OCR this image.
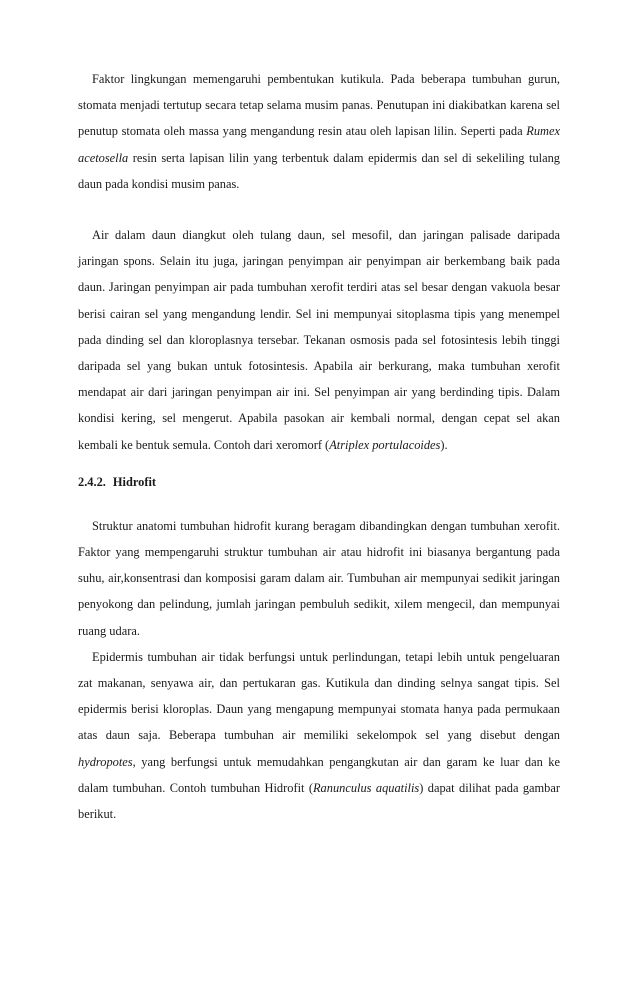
Faktor lingkungan memengaruhi pembentukan kutikula. Pada beberapa tumbuhan gurun, stomata menjadi tertutup secara tetap selama musim panas. Penutupan ini diakibatkan karena sel penutup stomata oleh massa yang mengandung resin atau oleh lapisan lilin. Seperti pada Rumex acetosella resin serta lapisan lilin yang terbentuk dalam epidermis dan sel di sekeliling tulang daun pada kondisi musim panas.

Air dalam daun diangkut oleh tulang daun, sel mesofil, dan jaringan palisade daripada jaringan spons. Selain itu juga, jaringan penyimpan air penyimpan air berkembang baik pada daun. Jaringan penyimpan air pada tumbuhan xerofit terdiri atas sel besar dengan vakuola besar berisi cairan sel yang mengandung lendir. Sel ini mempunyai sitoplasma tipis yang menempel pada dinding sel dan kloroplasnya tersebar. Tekanan osmosis pada sel fotosintesis lebih tinggi daripada sel yang bukan untuk fotosintesis. Apabila air berkurang, maka tumbuhan xerofit mendapat air dari jaringan penyimpan air ini. Sel penyimpan air yang berdinding tipis. Dalam kondisi kering, sel mengerut. Apabila pasokan air kembali normal, dengan cepat sel akan kembali ke bentuk semula. Contoh dari xeromorf (Atriplex portulacoides).

2.4.2. Hidrofit

Struktur anatomi tumbuhan hidrofit kurang beragam dibandingkan dengan tumbuhan xerofit. Faktor yang mempengaruhi struktur tumbuhan air atau hidrofit ini biasanya bergantung pada suhu, air,konsentrasi dan komposisi garam dalam air. Tumbuhan air mempunyai sedikit jaringan penyokong dan pelindung, jumlah jaringan pembuluh sedikit, xilem mengecil, dan mempunyai ruang udara.

Epidermis tumbuhan air tidak berfungsi untuk perlindungan, tetapi lebih untuk pengeluaran zat makanan, senyawa air, dan pertukaran gas. Kutikula dan dinding selnya sangat tipis. Sel epidermis berisi kloroplas. Daun yang mengapung mempunyai stomata hanya pada permukaan atas daun saja. Beberapa tumbuhan air memiliki sekelompok sel yang disebut dengan hydropotes, yang berfungsi untuk memudahkan pengangkutan air dan garam ke luar dan ke dalam tumbuhan. Contoh tumbuhan Hidrofit (Ranunculus aquatilis) dapat dilihat pada gambar berikut.
